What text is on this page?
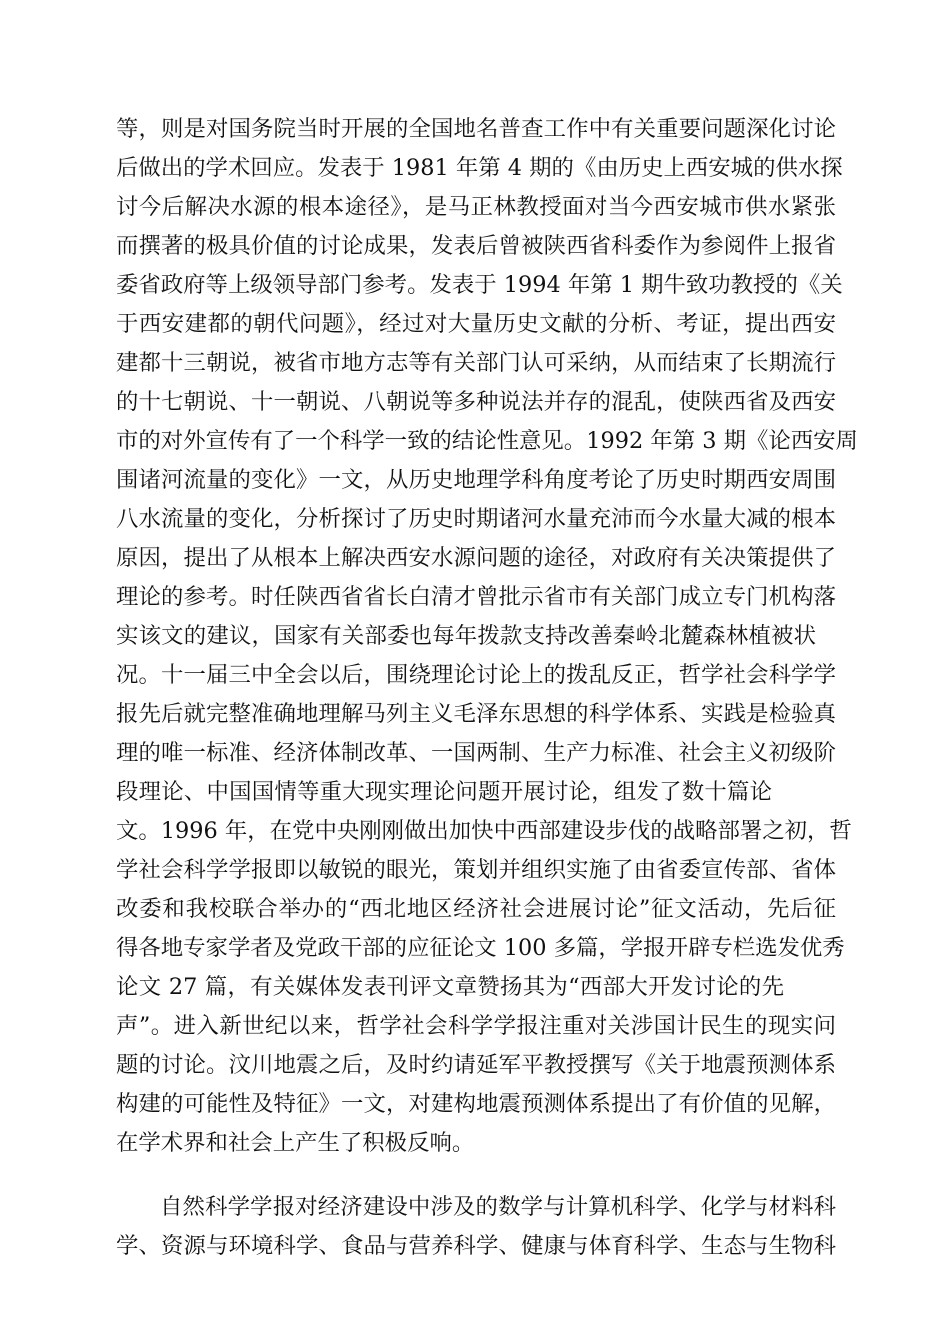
等，则是对国务院当时开展的全国地名普查工作中有关重要问题深化讨论
后做出的学术回应。发表于 1981 年第 4 期的《由历史上西安城的供水探
讨今后解决水源的根本途径》，是马正林教授面对当今西安城市供水紧张
而撰著的极具价值的讨论成果，发表后曾被陕西省科委作为参阅件上报省
委省政府等上级领导部门参考。发表于 1994 年第 1 期牛致功教授的《关
于西安建都的朝代问题》，经过对大量历史文献的分析、考证，提出西安
建都十三朝说，被省市地方志等有关部门认可采纳，从而结束了长期流行
的十七朝说、十一朝说、八朝说等多种说法并存的混乱，使陕西省及西安
市的对外宣传有了一个科学一致的结论性意见。1992 年第 3 期《论西安周
围诸河流量的变化》一文，从历史地理学科角度考论了历史时期西安周围
八水流量的变化，分析探讨了历史时期诸河水量充沛而今水量大减的根本
原因，提出了从根本上解决西安水源问题的途径，对政府有关决策提供了
理论的参考。时任陕西省省长白清才曾批示省市有关部门成立专门机构落
实该文的建议，国家有关部委也每年拨款支持改善秦岭北麓森林植被状
况。十一届三中全会以后，围绕理论讨论上的拨乱反正，哲学社会科学学
报先后就完整准确地理解马列主义毛泽东思想的科学体系、实践是检验真
理的唯一标准、经济体制改革、一国两制、生产力标准、社会主义初级阶
段理论、中国国情等重大现实理论问题开展讨论，组发了数十篇论
文。1996 年，在党中央刚刚做出加快中西部建设步伐的战略部署之初，哲
学社会科学学报即以敏锐的眼光，策划并组织实施了由省委宣传部、省体
改委和我校联合举办的“西北地区经济社会进展讨论”征文活动，先后征
得各地专家学者及党政干部的应征论文 100 多篇，学报开辟专栏选发优秀
论文 27 篇，有关媒体发表刊评文章赞扬其为“西部大开发讨论的先
声”。进入新世纪以来，哲学社会科学学报注重对关涉国计民生的现实问
题的讨论。汶川地震之后，及时约请延军平教授撰写《关于地震预测体系
构建的可能性及特征》一文，对建构地震预测体系提出了有价值的见解，
在学术界和社会上产生了积极反响。
自然科学学报对经济建设中涉及的数学与计算机科学、化学与材料科
学、资源与环境科学、食品与营养科学、健康与体育科学、生态与生物科
